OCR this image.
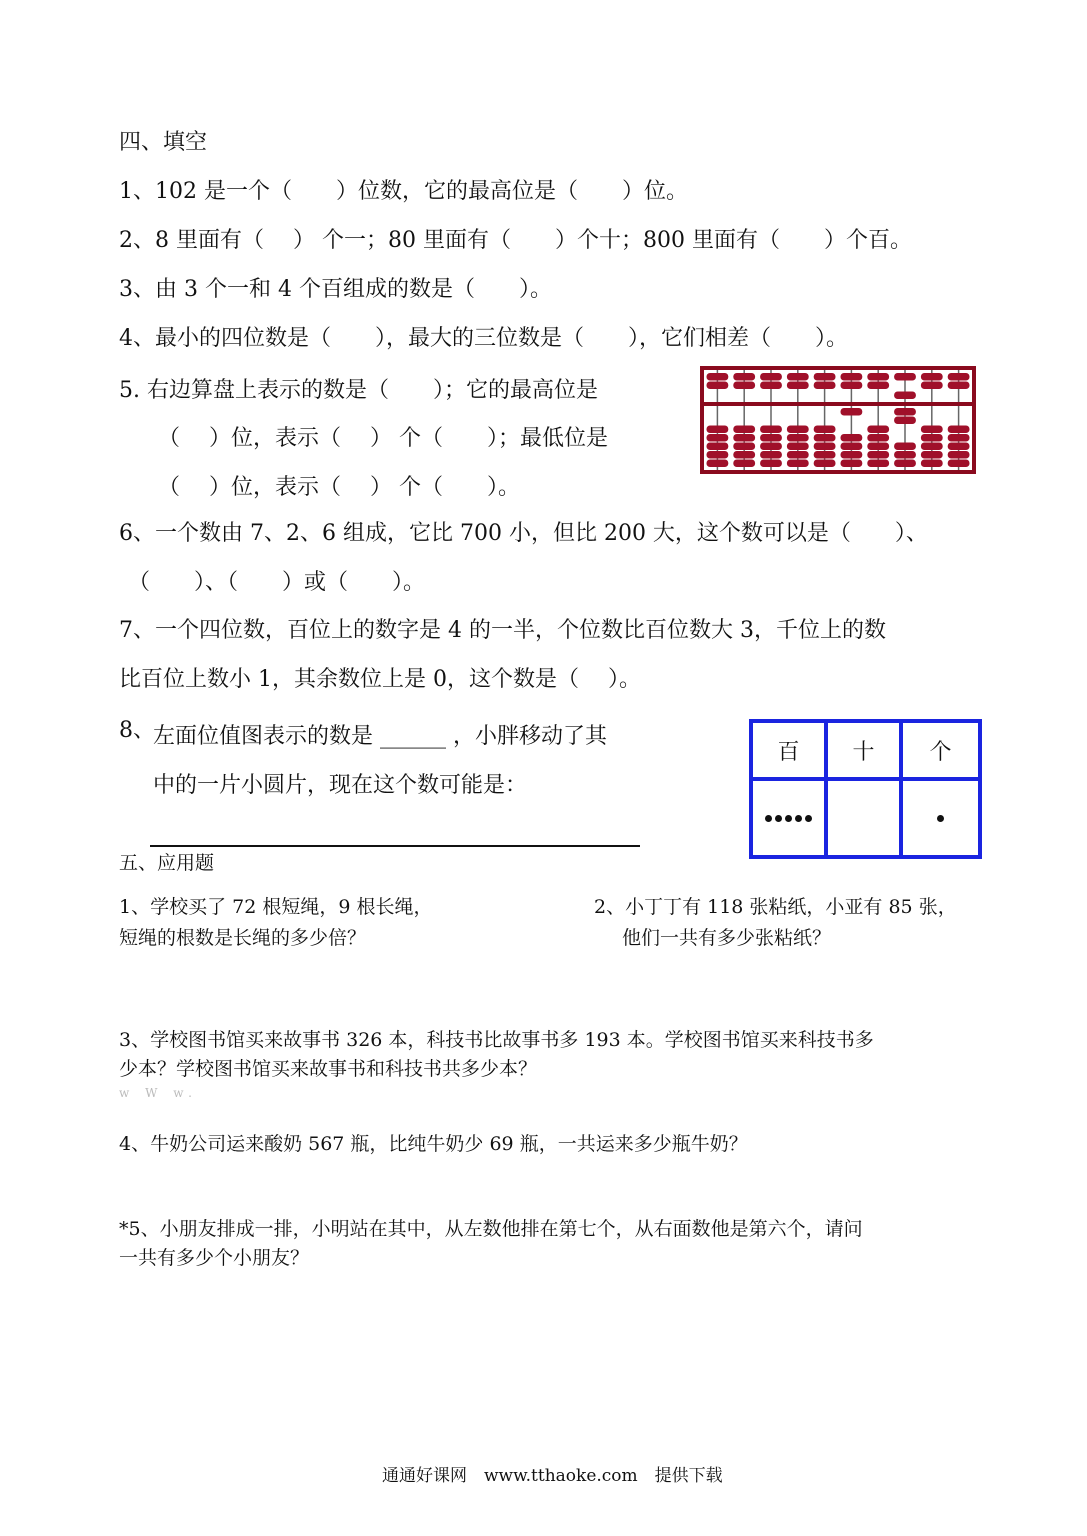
四、填空
1、102 是一个（　　）位数，它的最高位是（　　）位。
2、8 里面有（　 ） 个一；80 里面有（　　）个十；800 里面有（　　）个百。
3、由 3 个一和 4 个百组成的数是（　　）。
4、最小的四位数是（　　），最大的三位数是（　　），它们相差（　　）。
5. 右边算盘上表示的数是（　　）；它的最高位是
（　 ）位，表示（　 ） 个（　　）；最低位是
（　 ）位，表示（　 ） 个（　　）。
6、一个数由 7、2、6 组成，它比 700 小，但比 200 大，这个数可以是（　　）、
（　　）、（　　）或（　　）。
7、一个四位数，百位上的数字是 4 的一半，个位数比百位数大 3，千位上的数
比百位上数小 1，其余数位上是 0，这个数是（　 ）。
8、
左面位值图表示的数是 ______ ，小胖移动了其
中的一片小圆片，现在这个数可能是：
百	十	个
五、应用题
1、学校买了 72 根短绳，9 根长绳，
短绳的根数是长绳的多少倍？
2、小丁丁有 118 张粘纸，小亚有 85 张，
他们一共有多少张粘纸？
3、学校图书馆买来故事书 326 本，科技书比故事书多 193 本。学校图书馆买来科技书多
少本？学校图书馆买来故事书和科技书共多少本？
w W w.
4、牛奶公司运来酸奶 567 瓶，比纯牛奶少 69 瓶，一共运来多少瓶牛奶？
*5、小朋友排成一排，小明站在其中，从左数他排在第七个，从右面数他是第六个，请问
一共有多少个小朋友？
通通好课网　www.tthaoke.com　提供下载
